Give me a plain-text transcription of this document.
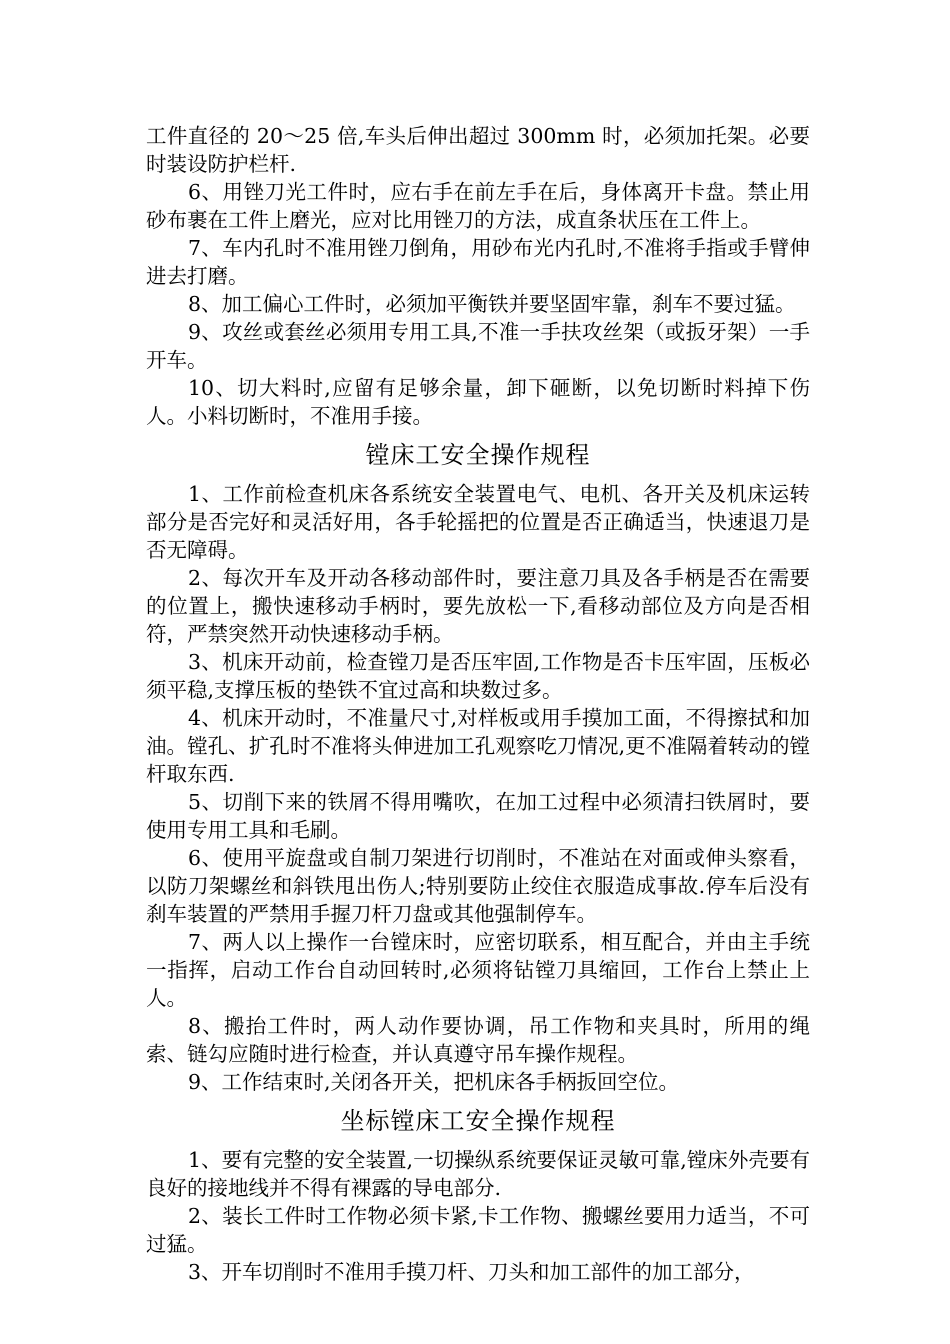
工件直径的 20～25 倍,车头后伸出超过 300mm 时，必须加托架。必要时装设防护栏杆.

6、用锉刀光工件时，应右手在前左手在后，身体离开卡盘。禁止用砂布裹在工件上磨光，应对比用锉刀的方法，成直条状压在工件上。

7、车内孔时不准用锉刀倒角，用砂布光内孔时,不准将手指或手臂伸进去打磨。

8、加工偏心工件时，必须加平衡铁并要坚固牢靠，刹车不要过猛。

9、攻丝或套丝必须用专用工具,不准一手扶攻丝架（或扳牙架）一手开车。

10、切大料时,应留有足够余量，卸下砸断，以免切断时料掉下伤人。小料切断时，不准用手接。

镗床工安全操作规程

1、工作前检查机床各系统安全装置电气、电机、各开关及机床运转部分是否完好和灵活好用，各手轮摇把的位置是否正确适当，快速退刀是否无障碍。

2、每次开车及开动各移动部件时，要注意刀具及各手柄是否在需要的位置上，搬快速移动手柄时，要先放松一下,看移动部位及方向是否相符，严禁突然开动快速移动手柄。

3、机床开动前，检查镗刀是否压牢固,工作物是否卡压牢固，压板必须平稳,支撑压板的垫铁不宜过高和块数过多。

4、机床开动时，不准量尺寸,对样板或用手摸加工面，不得擦拭和加油。镗孔、扩孔时不准将头伸进加工孔观察吃刀情况,更不准隔着转动的镗杆取东西.

5、切削下来的铁屑不得用嘴吹，在加工过程中必须清扫铁屑时，要使用专用工具和毛刷。

6、使用平旋盘或自制刀架进行切削时，不准站在对面或伸头察看，以防刀架螺丝和斜铁甩出伤人;特别要防止绞住衣服造成事故.停车后没有刹车装置的严禁用手握刀杆刀盘或其他强制停车。

7、两人以上操作一台镗床时，应密切联系，相互配合，并由主手统一指挥，启动工作台自动回转时,必须将钻镗刀具缩回，工作台上禁止上人。

8、搬抬工件时，两人动作要协调，吊工作物和夹具时，所用的绳索、链勾应随时进行检查，并认真遵守吊车操作规程。

9、工作结束时,关闭各开关，把机床各手柄扳回空位。

坐标镗床工安全操作规程

1、要有完整的安全装置,一切操纵系统要保证灵敏可靠,镗床外壳要有良好的接地线并不得有裸露的导电部分.

2、装长工件时工作物必须卡紧,卡工作物、搬螺丝要用力适当，不可过猛。

3、开车切削时不准用手摸刀杆、刀头和加工部件的加工部分，
